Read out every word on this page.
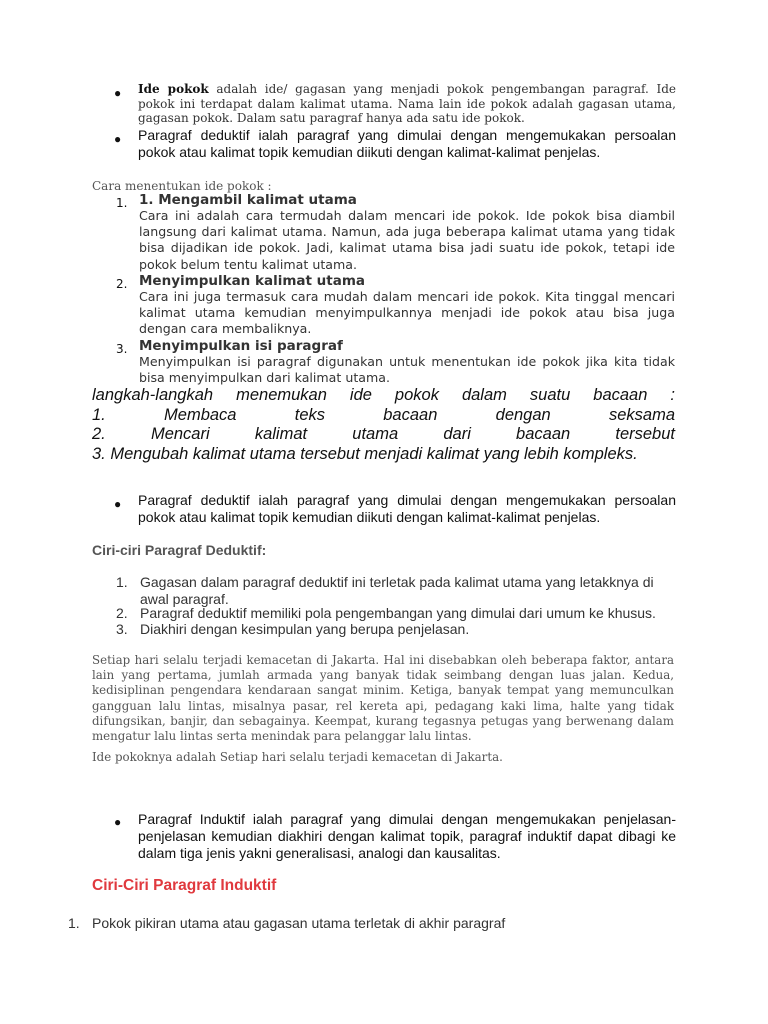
● Ide pokok adalah ide/ gagasan yang menjadi pokok pengembangan paragraf. Ide pokok ini terdapat dalam kalimat utama. Nama lain ide pokok adalah gagasan utama, gagasan pokok. Dalam satu paragraf hanya ada satu ide pokok.

● Paragraf deduktif ialah paragraf yang dimulai dengan mengemukakan persoalan pokok atau kalimat topik kemudian diikuti dengan kalimat-kalimat penjelas.

Cara menentukan ide pokok :

1. 1. Mengambil kalimat utama

Cara ini adalah cara termudah dalam mencari ide pokok. Ide pokok bisa diambil langsung dari kalimat utama. Namun, ada juga beberapa kalimat utama yang tidak bisa dijadikan ide pokok. Jadi, kalimat utama bisa jadi suatu ide pokok, tetapi ide pokok belum tentu kalimat utama.

2. Menyimpulkan kalimat utama

Cara ini juga termasuk cara mudah dalam mencari ide pokok. Kita tinggal mencari kalimat utama kemudian menyimpulkannya menjadi ide pokok atau bisa juga dengan cara membaliknya.

3. Menyimpulkan isi paragraf

Menyimpulkan isi paragraf digunakan untuk menentukan ide pokok jika kita tidak bisa menyimpulkan dari kalimat utama.

langkah-langkah menemukan ide pokok dalam suatu bacaan :
1. Membaca teks bacaan dengan seksama
2. Mencari kalimat utama dari bacaan tersebut
3. Mengubah kalimat utama tersebut menjadi kalimat yang lebih kompleks.
● Paragraf deduktif ialah paragraf yang dimulai dengan mengemukakan persoalan pokok atau kalimat topik kemudian diikuti dengan kalimat-kalimat penjelas.

Ciri-ciri Paragraf Deduktif:

1. Gagasan dalam paragraf deduktif ini terletak pada kalimat utama yang letakknya di awal paragraf.

2. Paragraf deduktif memiliki pola pengembangan yang dimulai dari umum ke khusus.

3. Diakhiri dengan kesimpulan yang berupa penjelasan.

Setiap hari selalu terjadi kemacetan di Jakarta. Hal ini disebabkan oleh beberapa faktor, antara lain yang pertama, jumlah armada yang banyak tidak seimbang dengan luas jalan. Kedua, kedisiplinan pengendara kendaraan sangat minim. Ketiga, banyak tempat yang memunculkan gangguan lalu lintas, misalnya pasar, rel kereta api, pedagang kaki lima, halte yang tidak difungsikan, banjir, dan sebagainya. Keempat, kurang tegasnya petugas yang berwenang dalam mengatur lalu lintas serta menindak para pelanggar lalu lintas.

Ide pokoknya adalah Setiap hari selalu terjadi kemacetan di Jakarta.

● Paragraf Induktif ialah paragraf yang dimulai dengan mengemukakan penjelasan-penjelasan kemudian diakhiri dengan kalimat topik, paragraf induktif dapat dibagi ke dalam tiga jenis yakni generalisasi, analogi dan kausalitas.

Ciri-Ciri Paragraf Induktif

1. Pokok pikiran utama atau gagasan utama terletak di akhir paragraf
